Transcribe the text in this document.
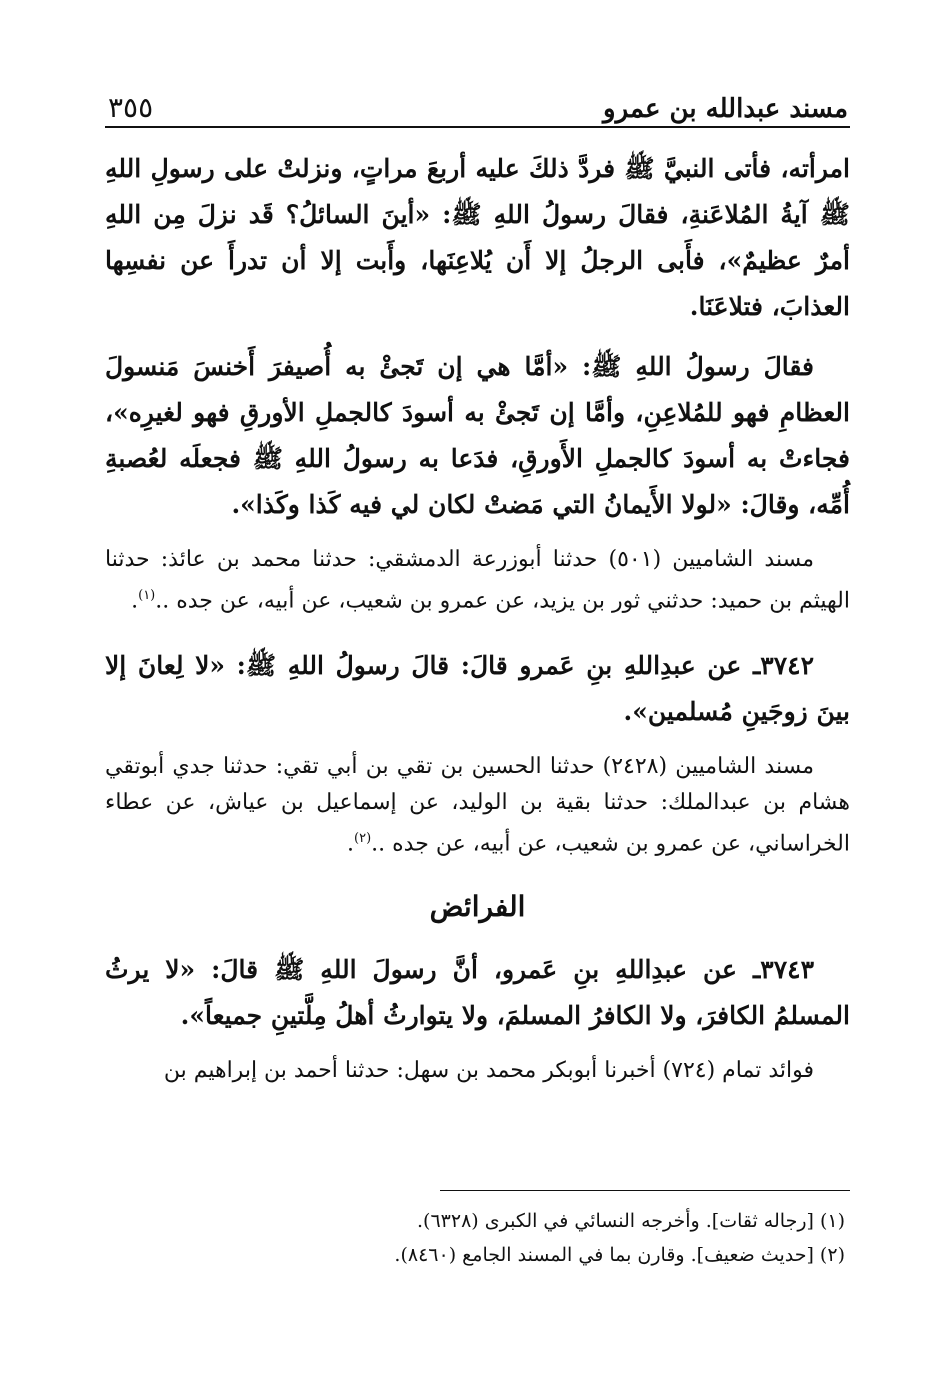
مسند عبدالله بن عمرو
٣٥٥

امرأته، فأتى النبيَّ ﷺ فردَّ ذلكَ عليه أربعَ مراتٍ، ونزلتْ على رسولِ اللهِ ﷺ آيةُ المُلاعَنةِ، فقالَ رسولُ اللهِ ﷺ: «أينَ السائلُ؟ قَد نزلَ مِن اللهِ أمرٌ عظيمٌ»، فأَبى الرجلُ إلا أَن يُلاعِنَها، وأَبت إلا أن تدرأَ عن نفسِها العذابَ، فتلاعَنَا.

فقالَ رسولُ اللهِ ﷺ: «أمَّا هي إن تَجئْ به أُصيفرَ أَخنسَ مَنسولَ العظامِ فهو للمُلاعِنِ، وأمَّا إن تَجئْ به أسودَ كالجملِ الأورقِ فهو لغيرِه»، فجاءتْ به أسودَ كالجملِ الأَورقِ، فدَعا به رسولُ اللهِ ﷺ فجعلَه لعُصبةِ أُمِّه، وقالَ: «لولا الأَيمانُ التي مَضتْ لكان لي فيه كَذا وكَذا».

مسند الشاميين (٥٠١) حدثنا أبوزرعة الدمشقي: حدثنا محمد بن عائذ: حدثنا الهيثم بن حميد: حدثني ثور بن يزيد، عن عمرو بن شعيب، عن أبيه، عن جده ..$^{(١)}$.

٣٧٤٢ـ عن عبدِاللهِ بنِ عَمرو قالَ: قالَ رسولُ اللهِ ﷺ: «لا لِعانَ إلا بينَ زوجَينِ مُسلمين».

مسند الشاميين (٢٤٢٨) حدثنا الحسين بن تقي بن أبي تقي: حدثنا جدي أبوتقي هشام بن عبدالملك: حدثنا بقية بن الوليد، عن إسماعيل بن عياش، عن عطاء الخراساني، عن عمرو بن شعيب، عن أبيه، عن جده ..$^{(٢)}$.

الفرائض

٣٧٤٣ـ عن عبدِاللهِ بنِ عَمرو، أنَّ رسولَ اللهِ ﷺ قالَ: «لا يرثُ المسلمُ الكافرَ، ولا الكافرُ المسلمَ، ولا يتوارثُ أهلُ مِلَّتينِ جميعاً».

فوائد تمام (٧٢٤) أخبرنا أبوبكر محمد بن سهل: حدثنا أحمد بن إبراهيم بن

(١) [رجاله ثقات]. وأخرجه النسائي في الكبرى (٦٣٢٨).

(٢) [حديث ضعيف]. وقارن بما في المسند الجامع (٨٤٦٠).
